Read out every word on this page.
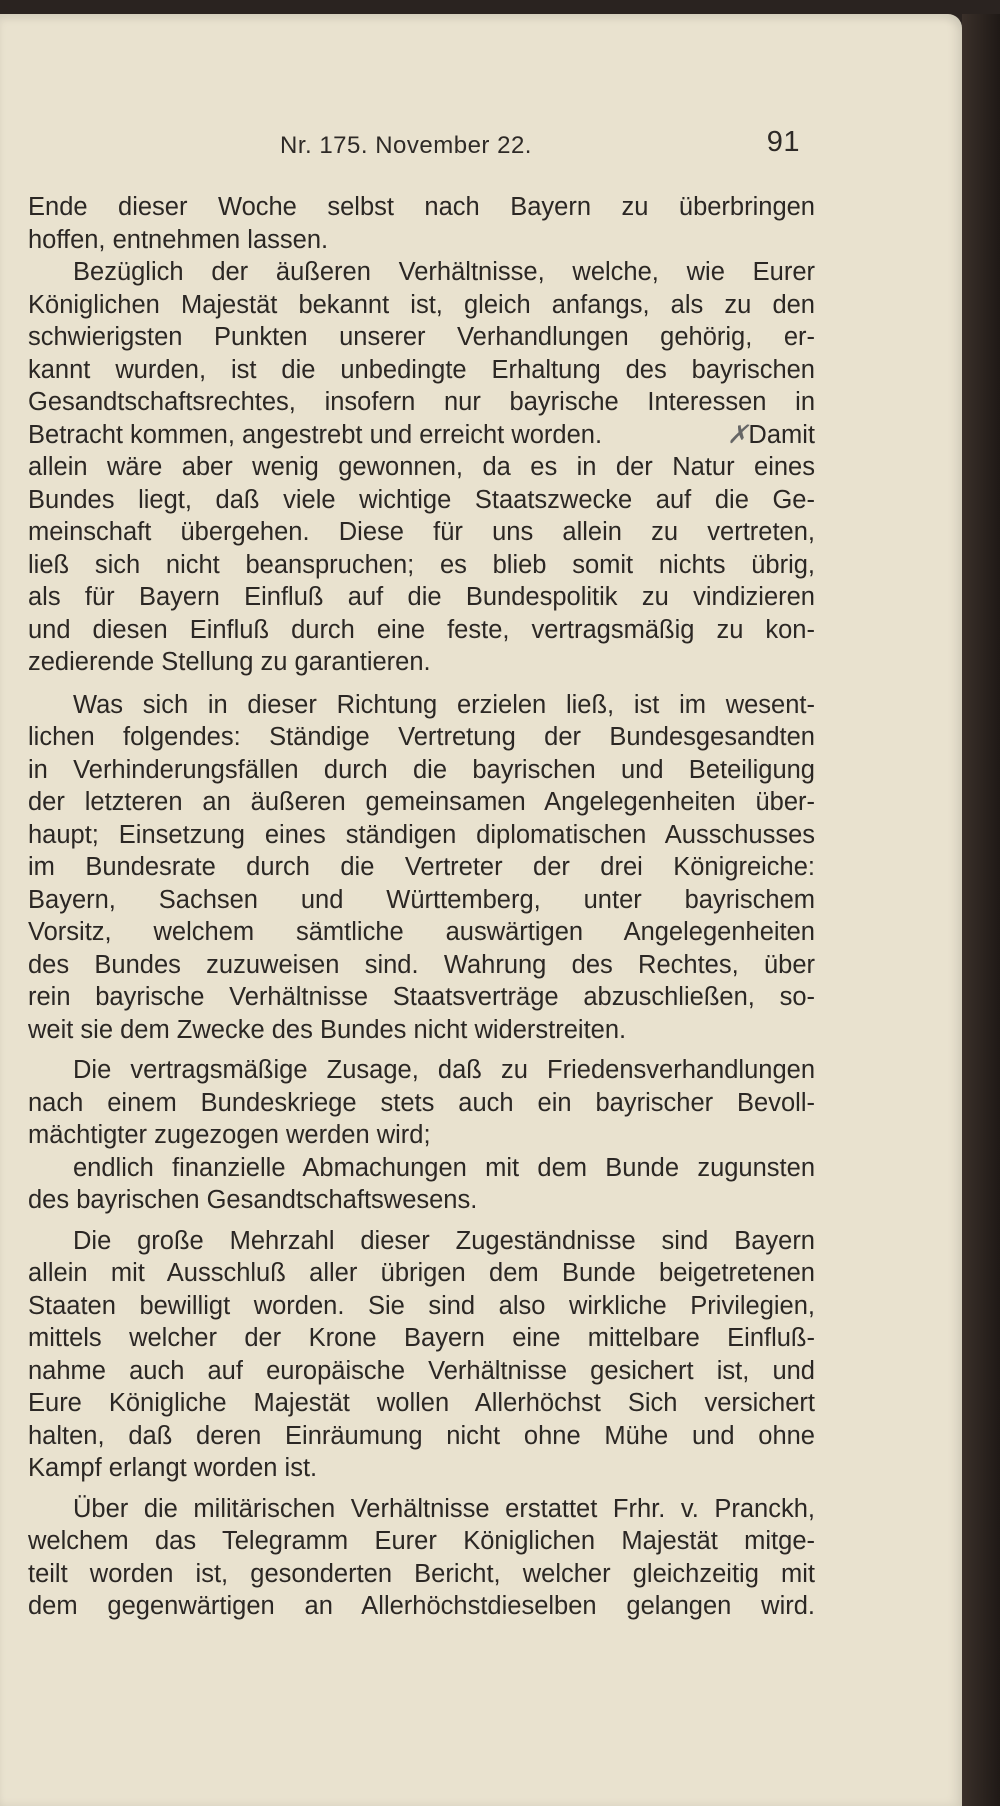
Nr. 175. November 22.	91
Ende dieser Woche selbst nach Bayern zu überbringen
hoffen, entnehmen lassen.
Bezüglich der äußeren Verhältnisse, welche, wie Eurer
Königlichen Majestät bekannt ist, gleich anfangs, als zu den
schwierigsten Punkten unserer Verhandlungen gehörig, er-
kannt wurden, ist die unbedingte Erhaltung des bayrischen
Gesandtschaftsrechtes, insofern nur bayrische Interessen in
Betracht kommen, angestrebt und erreicht worden.	✗Damit
allein wäre aber wenig gewonnen, da es in der Natur eines
Bundes liegt, daß viele wichtige Staatszwecke auf die Ge-
meinschaft übergehen. Diese für uns allein zu vertreten,
ließ sich nicht beanspruchen; es blieb somit nichts übrig,
als für Bayern Einfluß auf die Bundespolitik zu vindizieren
und diesen Einfluß durch eine feste, vertragsmäßig zu kon-
zedierende Stellung zu garantieren.
Was sich in dieser Richtung erzielen ließ, ist im wesent-
lichen folgendes: Ständige Vertretung der Bundesgesandten
in Verhinderungsfällen durch die bayrischen und Beteiligung
der letzteren an äußeren gemeinsamen Angelegenheiten über-
haupt; Einsetzung eines ständigen diplomatischen Ausschusses
im Bundesrate durch die Vertreter der drei Königreiche:
Bayern, Sachsen und Württemberg, unter bayrischem
Vorsitz, welchem sämtliche auswärtigen Angelegenheiten
des Bundes zuzuweisen sind. Wahrung des Rechtes, über
rein bayrische Verhältnisse Staatsverträge abzuschließen, so-
weit sie dem Zwecke des Bundes nicht widerstreiten.
Die vertragsmäßige Zusage, daß zu Friedensverhandlungen
nach einem Bundeskriege stets auch ein bayrischer Bevoll-
mächtigter zugezogen werden wird;
endlich finanzielle Abmachungen mit dem Bunde zugunsten
des bayrischen Gesandtschaftswesens.
Die große Mehrzahl dieser Zugeständnisse sind Bayern
allein mit Ausschluß aller übrigen dem Bunde beigetretenen
Staaten bewilligt worden. Sie sind also wirkliche Privilegien,
mittels welcher der Krone Bayern eine mittelbare Einfluß-
nahme auch auf europäische Verhältnisse gesichert ist, und
Eure Königliche Majestät wollen Allerhöchst Sich versichert
halten, daß deren Einräumung nicht ohne Mühe und ohne
Kampf erlangt worden ist.
Über die militärischen Verhältnisse erstattet Frhr. v. Pranckh,
welchem das Telegramm Eurer Königlichen Majestät mitge-
teilt worden ist, gesonderten Bericht, welcher gleichzeitig mit
dem gegenwärtigen an Allerhöchstdieselben gelangen wird.
